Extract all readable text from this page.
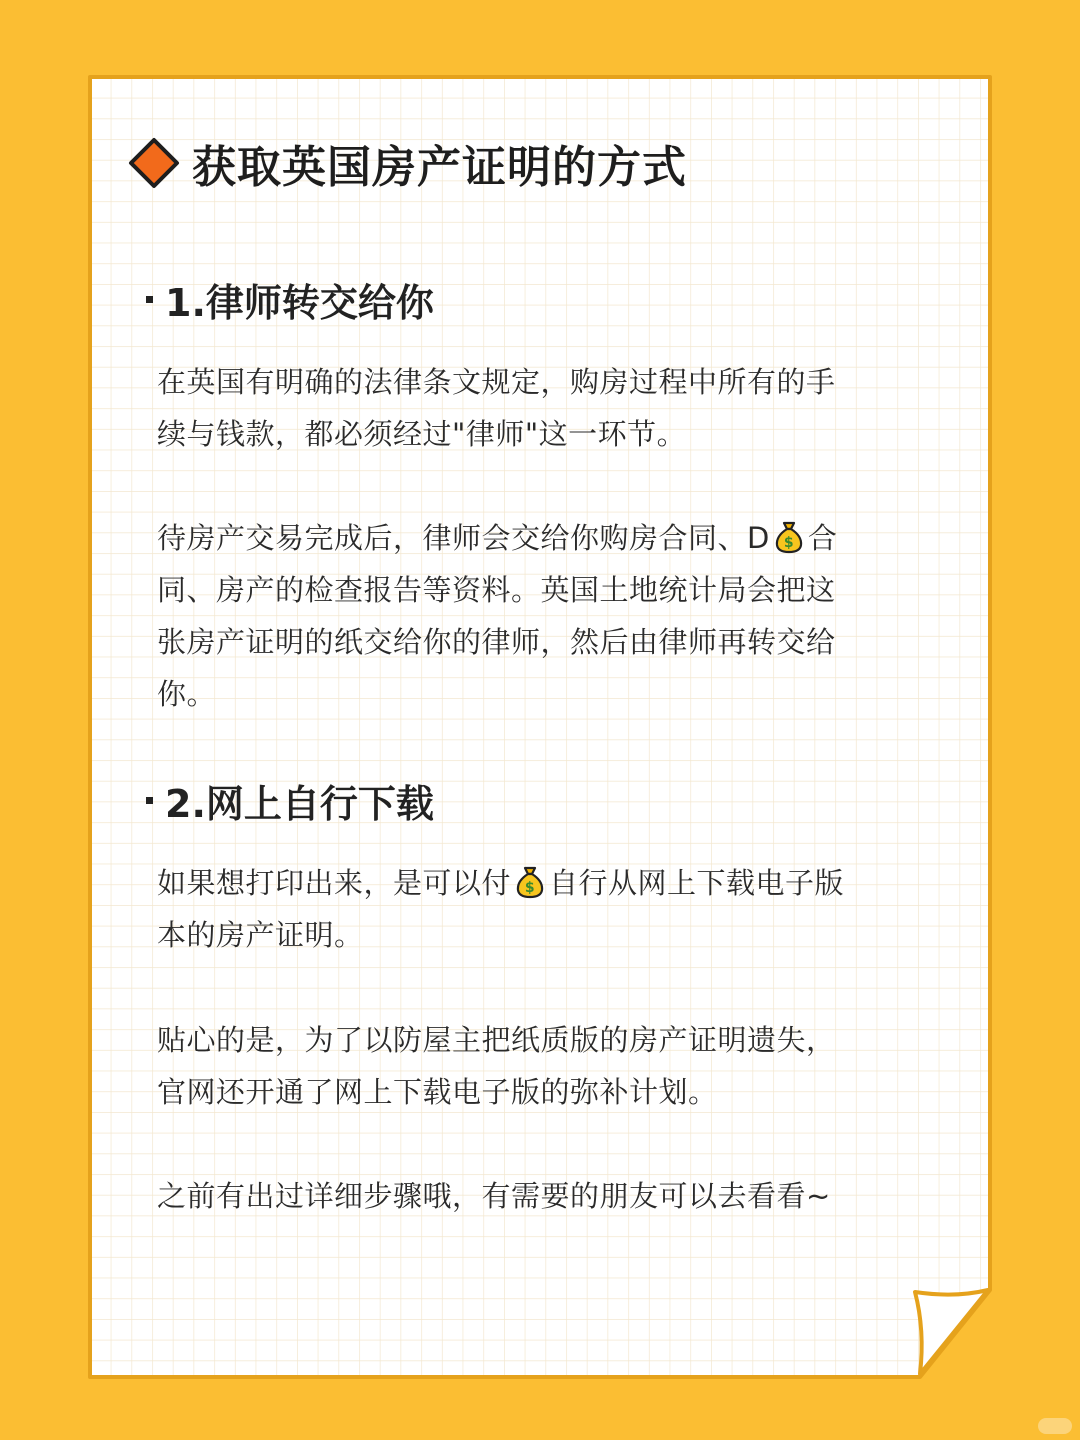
获取英国房产证明的方式
1.律师转交给你
在英国有明确的法律条文规定，购房过程中所有的手
续与钱款，都必须经过"律师"这一环节。
待房产交易完成后，律师会交给你购房合同、D $ 合
同、房产的检查报告等资料。英国土地统计局会把这
张房产证明的纸交给你的律师，然后由律师再转交给
你。
2.网上自行下载
如果想打印出来，是可以付 $ 自行从网上下载电子版
本的房产证明。
贴心的是，为了以防屋主把纸质版的房产证明遗失，
官网还开通了网上下载电子版的弥补计划。
之前有出过详细步骤哦，有需要的朋友可以去看看~
